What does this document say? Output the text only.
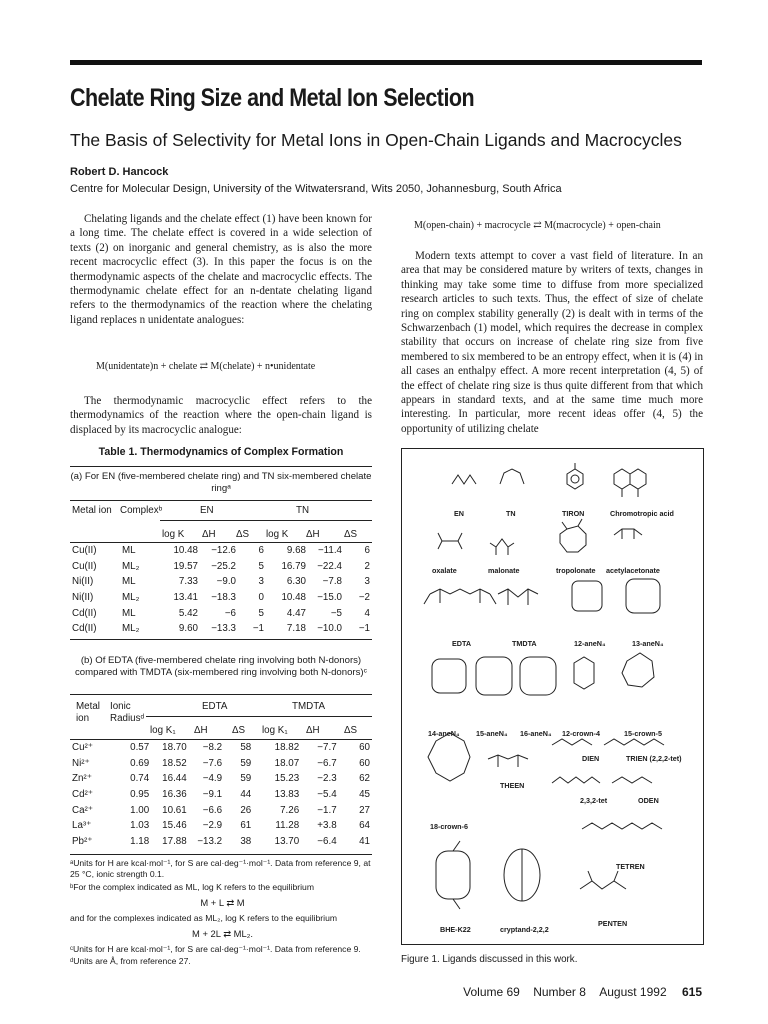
Chelate Ring Size and Metal Ion Selection
The Basis of Selectivity for Metal Ions in Open-Chain Ligands and Macrocycles
Robert D. Hancock
Centre for Molecular Design, University of the Witwatersrand, Wits 2050, Johannesburg, South Africa

Chelating ligands and the chelate effect (1) have been known for a long time. The chelate effect is covered in a wide selection of texts (2) on inorganic and general chemistry, as is also the more recent macrocyclic effect (3). In this paper the focus is on the thermodynamic aspects of the chelate and macrocyclic effects. The thermodynamic chelate effect for an n-dentate chelating ligand refers to the thermodynamics of the reaction where the chelating ligand replaces n unidentate analogues:

M(unidentate)n + chelate ⇄ M(chelate) + n•unidentate

The thermodynamic macrocyclic effect refers to the thermodynamics of the reaction where the open-chain ligand is displaced by its macrocyclic analogue:

M(open-chain) + macrocycle ⇄ M(macrocycle) + open-chain

Modern texts attempt to cover a vast field of literature. In an area that may be considered mature by writers of texts, changes in thinking may take some time to diffuse from more specialized research articles to such texts. Thus, the effect of size of chelate ring on complex stability generally (2) is dealt with in terms of the Schwarzenbach (1) model, which requires the decrease in complex stability that occurs on increase of chelate ring size from five membered to six membered to be an entropy effect, when it is (4) in all cases an enthalpy effect. A more recent interpretation (4, 5) of the effect of chelate ring size is thus quite different from that which appears in standard texts, and at the same time much more interesting. In particular, more recent ideas offer (4, 5) the opportunity of utilizing chelate

Table 1. Thermodynamics of Complex Formation
(a) For EN (five-membered chelate ring) and TN six-membered chelate ringᵃ
Metal ion Complexᵇ	EN	TN
log K ΔH ΔS log K ΔH ΔS
Cu(II)	ML	10.48	−12.6	6	9.68	−11.4	6
Cu(II)	ML₂	19.57	−25.2	5	16.79	−22.4	2
Ni(II)	ML	7.33	−9.0	3	6.30	−7.8	3
Ni(II)	ML₂	13.41	−18.3	0	10.48	−15.0	−2
Cd(II)	ML	5.42	−6	5	4.47	−5	4
Cd(II)	ML₂	9.60	−13.3	−1	7.18	−10.0	−1
(b) Of EDTA (five-membered chelate ring involving both N-donors) compared with TMDTA (six-membered ring involving both N-donors)ᶜ
Metal ion
Ionic Radiusᵈ
EDTA	TMDTA
log K₁ ΔH ΔS log K₁ ΔH ΔS
Cu²⁺	0.57	18.70	−8.2	58	18.82	−7.7	60
Ni²⁺	0.69	18.52	−7.6	59	18.07	−6.7	60
Zn²⁺	0.74	16.44	−4.9	59	15.23	−2.3	62
Cd²⁺	0.95	16.36	−9.1	44	13.83	−5.4	45
Ca²⁺	1.00	10.61	−6.6	26	7.26	−1.7	27
La³⁺	1.03	15.46	−2.9	61	11.28	+3.8	64
Pb²⁺	1.18	17.88	−13.2	38	13.70	−6.4	41
ᵃUnits for H are kcal·mol⁻¹, for S are cal·deg⁻¹·mol⁻¹. Data from reference 9, at 25 °C, ionic strength 0.1.
ᵇFor the complex indicated as ML, log K refers to the equilibrium
M + L ⇄ M
and for the complexes indicated as ML₂, log K refers to the equilibrium
M + 2L ⇄ ML₂.
ᶜUnits for H are kcal·mol⁻¹, for S are cal·deg⁻¹·mol⁻¹. Data from reference 9.
ᵈUnits are Å, from reference 27.
EN	TN	TIRON	Chromotropic acid
oxalate	malonate	tropolonate acetylacetonate
EDTA	TMDTA	12-aneN₄	13-aneN₄
14-aneN₄ 15-aneN₄ 16-aneN₄ 12-crown-4	15-crown-5
DIEN	TRIEN (2,2,2-tet)
THEEN
2,3,2-tet	ODEN
18-crown-6
TETREN
PENTEN
BHE-K22	cryptand-2,2,2
Figure 1. Ligands discussed in this work.
Volume 69 Number 8 August 1992 615
